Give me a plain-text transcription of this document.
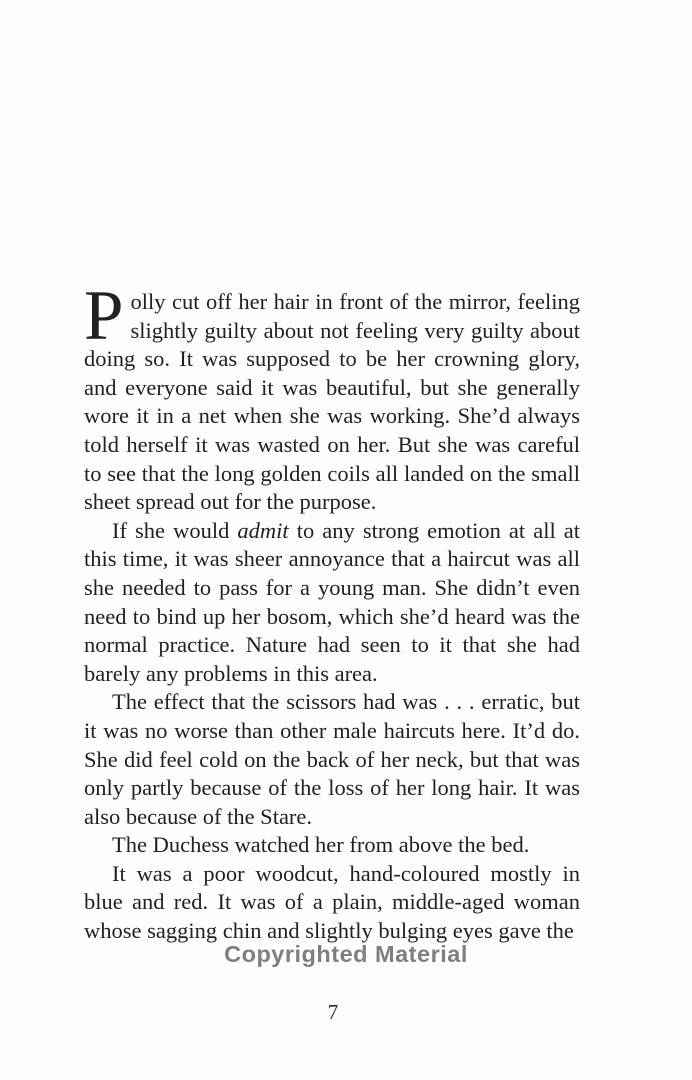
Polly cut off her hair in front of the mirror, feeling slightly guilty about not feeling very guilty about doing so. It was supposed to be her crowning glory, and everyone said it was beautiful, but she generally wore it in a net when she was working. She’d always told herself it was wasted on her. But she was careful to see that the long golden coils all landed on the small sheet spread out for the purpose.

If she would admit to any strong emotion at all at this time, it was sheer annoyance that a haircut was all she needed to pass for a young man. She didn’t even need to bind up her bosom, which she’d heard was the normal practice. Nature had seen to it that she had barely any problems in this area.

The effect that the scissors had was . . . erratic, but it was no worse than other male haircuts here. It’d do. She did feel cold on the back of her neck, but that was only partly because of the loss of her long hair. It was also because of the Stare.

The Duchess watched her from above the bed.

It was a poor woodcut, hand-coloured mostly in blue and red. It was of a plain, middle-aged woman whose sagging chin and slightly bulging eyes gave the

Copyrighted Material
7
